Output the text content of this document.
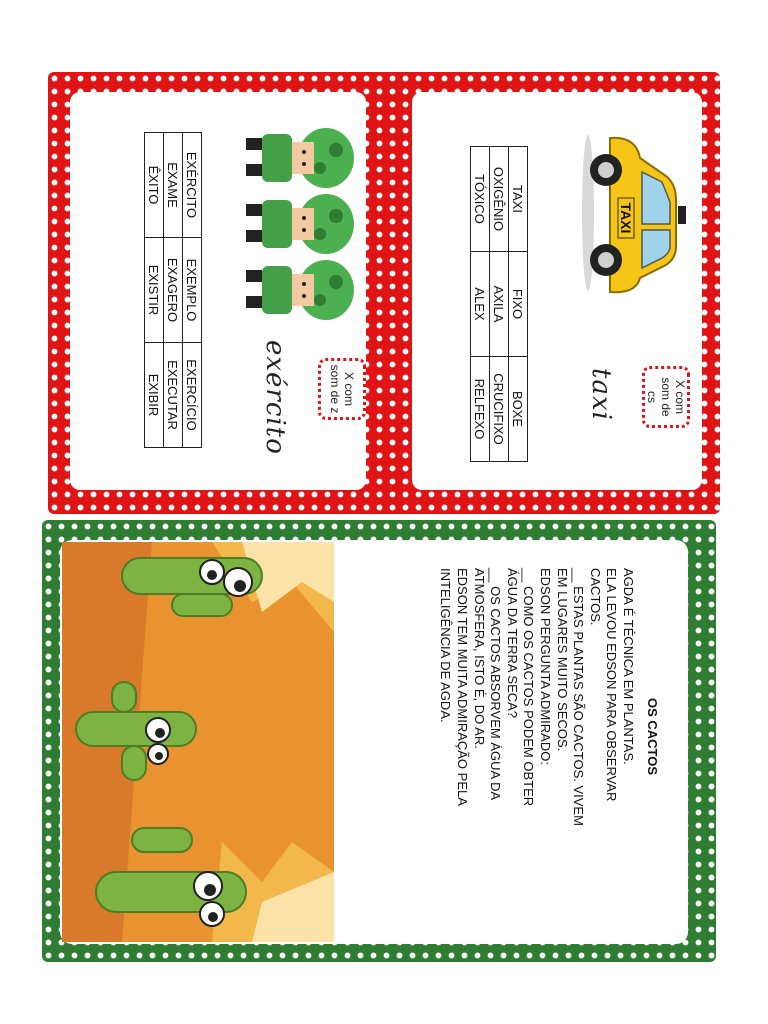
TAXI
X com som de cs
taxi
TAXI	FIXO	BOXE
OXIGÊNIO	AXILA	CRUCIFIXO
TÓXICO	ALEX	RELFEXO
X com som de z
exército
EXÉRCITO	EXEMPLO	EXERCÍCIO
EXAME	EXAGERO	EXECUTAR
ÊXITO	EXISTIR	EXIBIR
OS CACTOS

AGDA É TÉCNICA EM PLANTAS.

ELA LEVOU EDSON PARA OBSERVAR

CACTOS.

__ ESTAS PLANTAS SÃO CACTOS. VIVEM

EM LUGARES MUITO SECOS.

EDSON PERGUNTA ADMIRADO:

__ COMO OS CACTOS PODEM OBTER

ÁGUA DA TERRA SECA?

__ OS CACTOS ABSORVEM ÁGUA DA

ATMOSFERA, ISTO É, DO AR.

EDSON TEM MUITA ADMIRAÇÃO PELA

INTELIGÊNCIA DE AGDA.
